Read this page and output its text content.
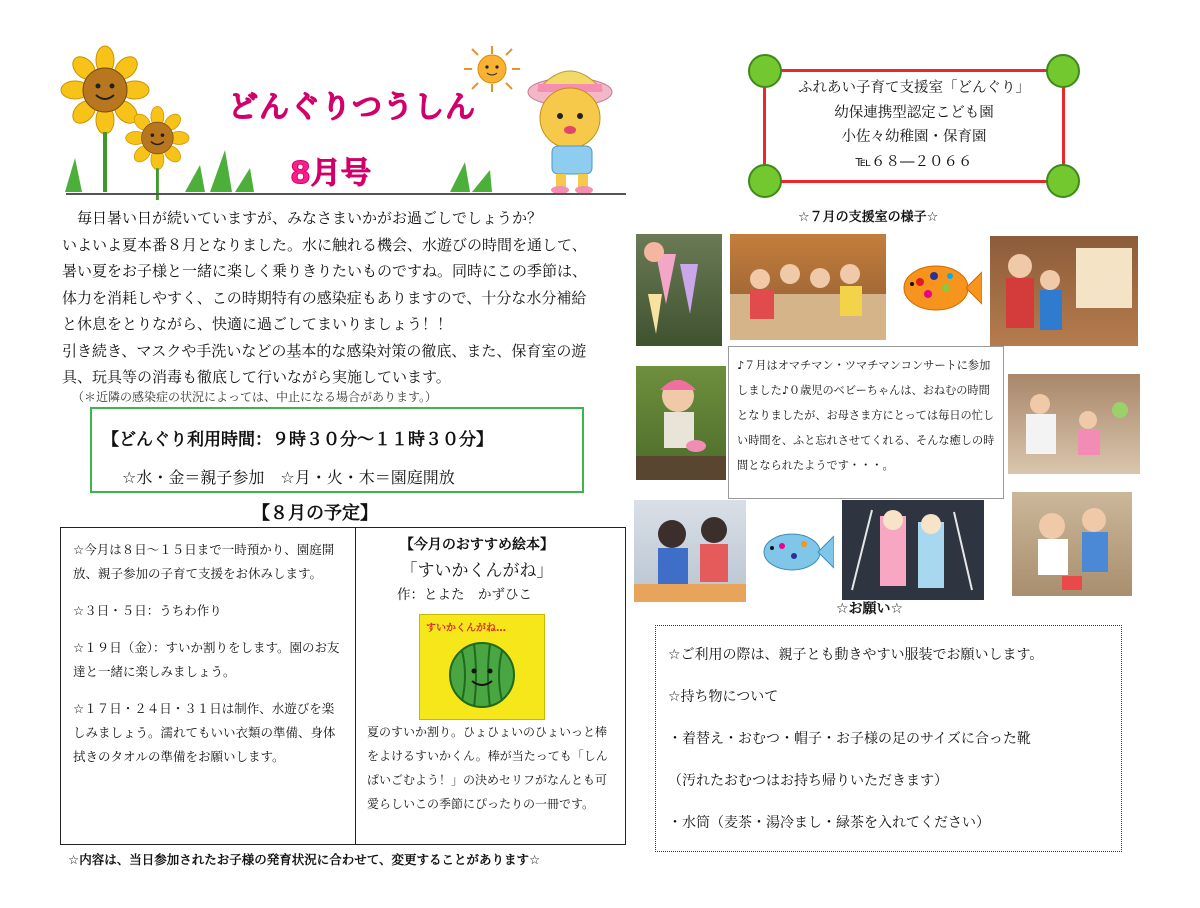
どんぐりつうしん
8月号

　毎日暑い日が続いていますが、みなさまいかがお過ごしでしょうか？

いよいよ夏本番８月となりました。水に触れる機会、水遊びの時間を通して、

暑い夏をお子様と一緒に楽しく乗りきりたいものですね。同時にこの季節は、

体力を消耗しやすく、この時期特有の感染症もありますので、十分な水分補給

と休息をとりながら、快適に過ごしてまいりましょう！！

引き続き、マスクや手洗いなどの基本的な感染対策の徹底、また、保育室の遊

具、玩具等の消毒も徹底して行いながら実施しています。

（＊近隣の感染症の状況によっては、中止になる場合があります。）
【どんぐり利用時間：９時３０分～１１時３０分】
☆水・金＝親子参加　☆月・火・木＝園庭開放
【８月の予定】

☆今月は８日～１５日まで一時預かり、園庭開放、親子参加の子育て支援をお休みします。

☆３日・５日：うちわ作り

☆１９日（金）：すいか割りをします。園のお友達と一緒に楽しみましょう。

☆１７日・２４日・３１日は制作、水遊びを楽しみましょう。濡れてもいい衣類の準備、身体拭きのタオルの準備をお願いします。

【今月のおすすめ絵本】
「すいかくんがね」
作：とよた　かずひこ
すいかくんがね…
夏のすいか割り。ひょひょいのひょいっと棒をよけるすいかくん。棒が当たっても「しんぱいごむよう！」の決めセリフがなんとも可愛らしいこの季節にぴったりの一冊です。
☆内容は、当日参加されたお子様の発育状況に合わせて、変更することがあります☆
ふれあい子育て支援室「どんぐり」
幼保連携型認定こども園
小佐々幼稚園・保育園
℡６８―２０６６
☆７月の支援室の様子☆
♪７月はオマチマン・ツマチマンコンサートに参加しました♪０歳児のベビーちゃんは、おねむの時間となりましたが、お母さま方にとっては毎日の忙しい時間を、ふと忘れさせてくれる、そんな癒しの時間となられたようです・・・。
☆お願い☆

☆ご利用の際は、親子とも動きやすい服装でお願いします。

☆持ち物について

・着替え・おむつ・帽子・お子様の足のサイズに合った靴

（汚れたおむつはお持ち帰りいただきます）

・水筒（麦茶・湯冷まし・緑茶を入れてください）
